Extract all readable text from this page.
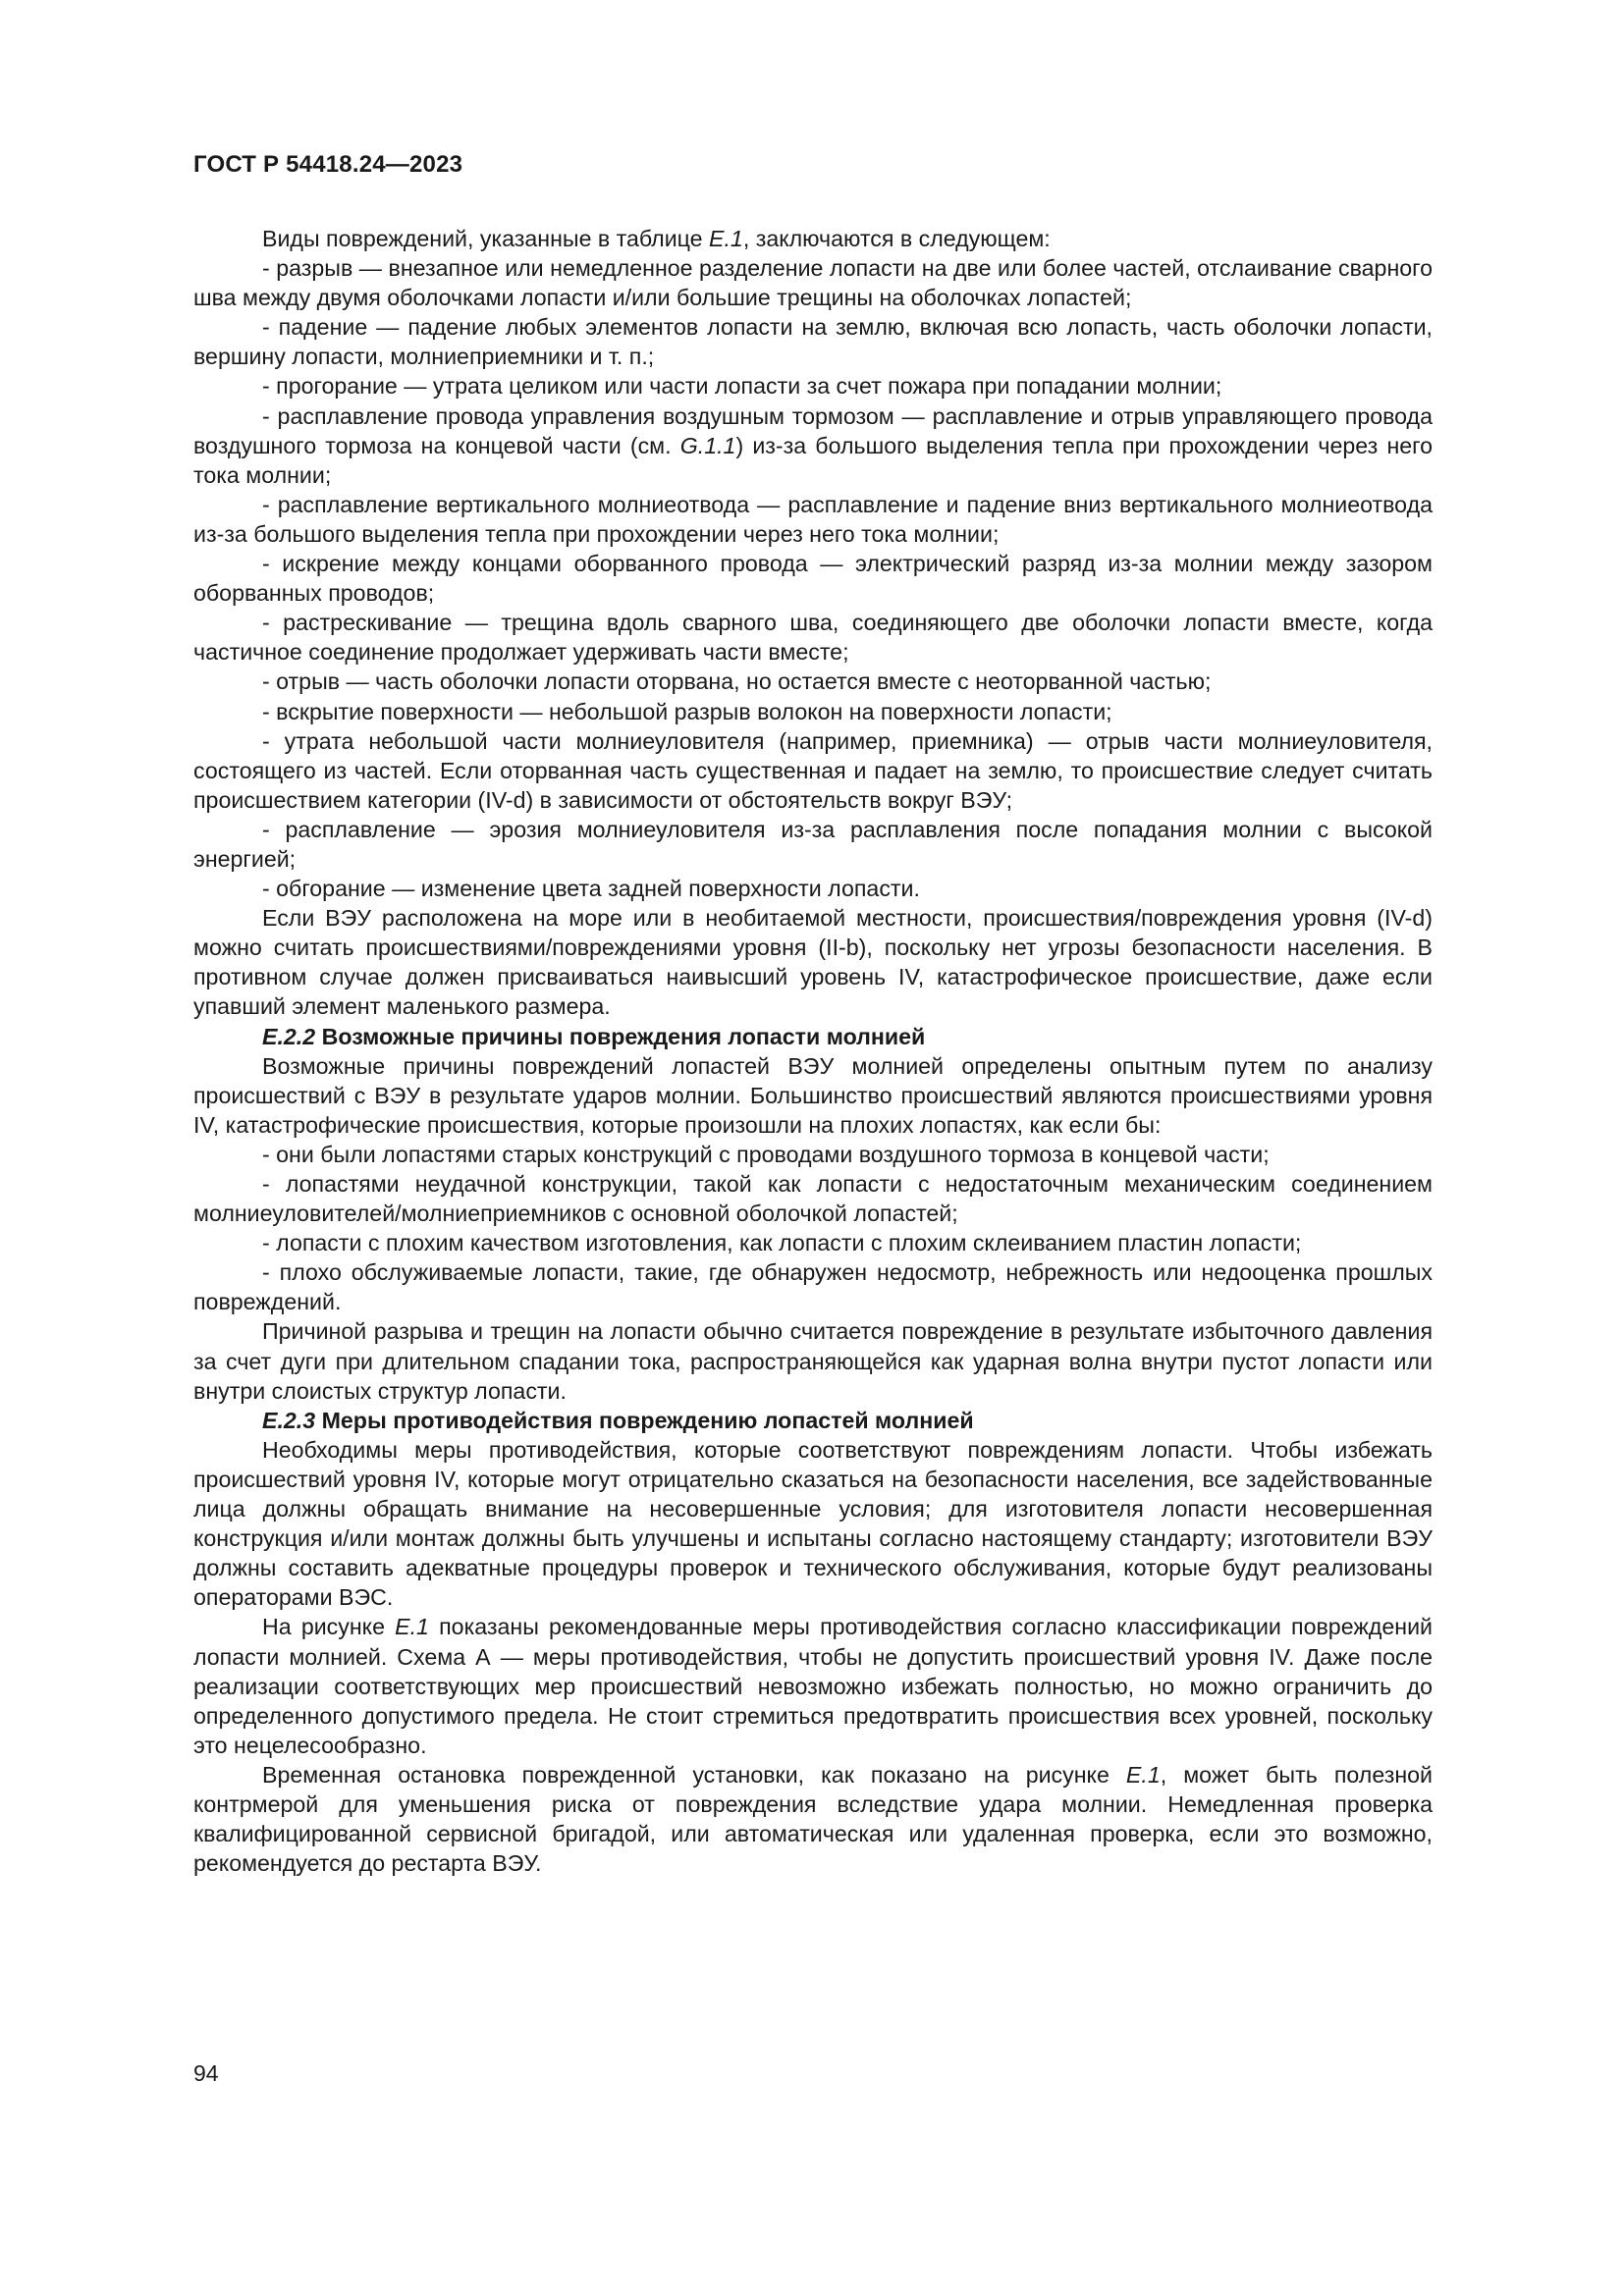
ГОСТ Р 54418.24—2023

Виды повреждений, указанные в таблице Е.1, заключаются в следующем:

- разрыв — внезапное или немедленное разделение лопасти на две или более частей, отслаивание сварного шва между двумя оболочками лопасти и/или большие трещины на оболочках лопастей;

- падение — падение любых элементов лопасти на землю, включая всю лопасть, часть оболочки лопасти, вершину лопасти, молниеприемники и т. п.;

- прогорание — утрата целиком или части лопасти за счет пожара при попадании молнии;

- расплавление провода управления воздушным тормозом — расплавление и отрыв управляющего провода воздушного тормоза на концевой части (см. G.1.1) из-за большого выделения тепла при прохождении через него тока молнии;

- расплавление вертикального молниеотвода — расплавление и падение вниз вертикального молниеотвода из-за большого выделения тепла при прохождении через него тока молнии;

- искрение между концами оборванного провода — электрический разряд из-за молнии между зазором оборванных проводов;

- растрескивание — трещина вдоль сварного шва, соединяющего две оболочки лопасти вместе, когда частичное соединение продолжает удерживать части вместе;

- отрыв — часть оболочки лопасти оторвана, но остается вместе с неоторванной частью;

- вскрытие поверхности — небольшой разрыв волокон на поверхности лопасти;

- утрата небольшой части молниеуловителя (например, приемника) — отрыв части молниеуловителя, состоящего из частей. Если оторванная часть существенная и падает на землю, то происшествие следует считать происшествием категории (IV-d) в зависимости от обстоятельств вокруг ВЭУ;

- расплавление — эрозия молниеуловителя из-за расплавления после попадания молнии с высокой энергией;

- обгорание — изменение цвета задней поверхности лопасти.

Если ВЭУ расположена на море или в необитаемой местности, происшествия/повреждения уровня (IV-d) можно считать происшествиями/повреждениями уровня (II-b), поскольку нет угрозы безопасности населения. В противном случае должен присваиваться наивысший уровень IV, катастрофическое происшествие, даже если упавший элемент маленького размера.

Е.2.2 Возможные причины повреждения лопасти молнией

Возможные причины повреждений лопастей ВЭУ молнией определены опытным путем по анализу происшествий с ВЭУ в результате ударов молнии. Большинство происшествий являются происшествиями уровня IV, катастрофические происшествия, которые произошли на плохих лопастях, как если бы:

- они были лопастями старых конструкций с проводами воздушного тормоза в концевой части;

- лопастями неудачной конструкции, такой как лопасти с недостаточным механическим соединением молниеуловителей/молниеприемников с основной оболочкой лопастей;

- лопасти с плохим качеством изготовления, как лопасти с плохим склеиванием пластин лопасти;

- плохо обслуживаемые лопасти, такие, где обнаружен недосмотр, небрежность или недооценка прошлых повреждений.

Причиной разрыва и трещин на лопасти обычно считается повреждение в результате избыточного давления за счет дуги при длительном спадании тока, распространяющейся как ударная волна внутри пустот лопасти или внутри слоистых структур лопасти.

Е.2.3 Меры противодействия повреждению лопастей молнией

Необходимы меры противодействия, которые соответствуют повреждениям лопасти. Чтобы избежать происшествий уровня IV, которые могут отрицательно сказаться на безопасности населения, все задействованные лица должны обращать внимание на несовершенные условия; для изготовителя лопасти несовершенная конструкция и/или монтаж должны быть улучшены и испытаны согласно настоящему стандарту; изготовители ВЭУ должны составить адекватные процедуры проверок и технического обслуживания, которые будут реализованы операторами ВЭС.

На рисунке Е.1 показаны рекомендованные меры противодействия согласно классификации повреждений лопасти молнией. Схема А — меры противодействия, чтобы не допустить происшествий уровня IV. Даже после реализации соответствующих мер происшествий невозможно избежать полностью, но можно ограничить до определенного допустимого предела. Не стоит стремиться предотвратить происшествия всех уровней, поскольку это нецелесообразно.

Временная остановка поврежденной установки, как показано на рисунке Е.1, может быть полезной контрмерой для уменьшения риска от повреждения вследствие удара молнии. Немедленная проверка квалифицированной сервисной бригадой, или автоматическая или удаленная проверка, если это возможно, рекомендуется до рестарта ВЭУ.

94
